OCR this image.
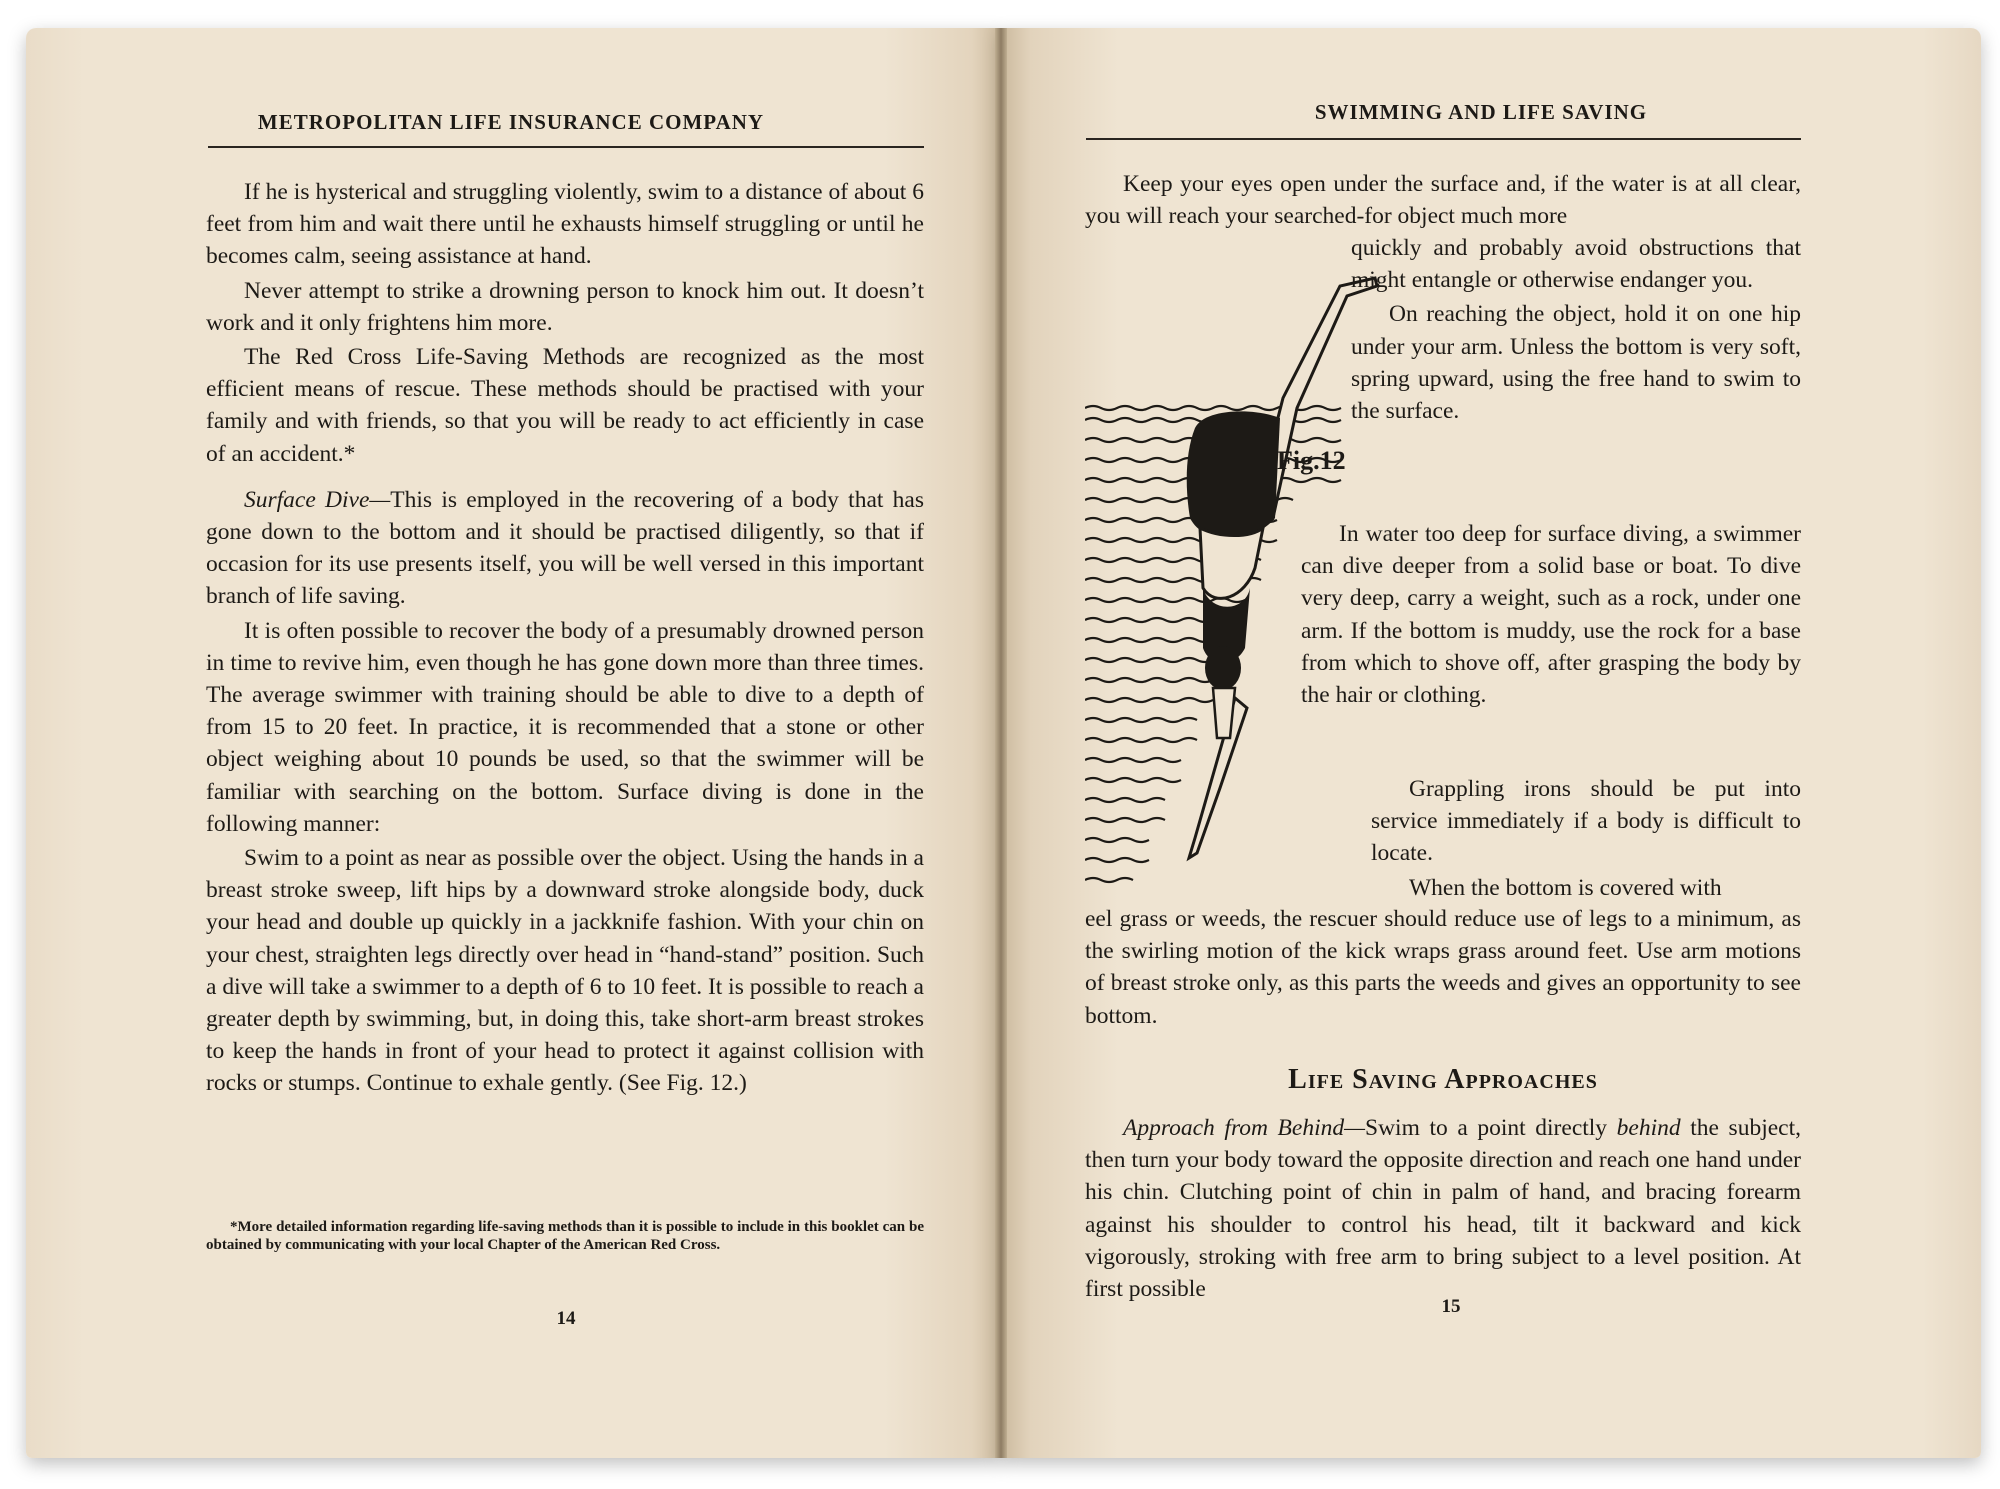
METROPOLITAN LIFE INSURANCE COMPANY

If he is hysterical and struggling violently, swim to a distance of about 6 feet from him and wait there until he exhausts himself struggling or until he becomes calm, seeing assistance at hand.

Never attempt to strike a drowning person to knock him out. It doesn’t work and it only frightens him more.

The Red Cross Life-Saving Methods are recognized as the most efficient means of rescue. These methods should be practised with your family and with friends, so that you will be ready to act efficiently in case of an accident.*

Surface Dive—This is employed in the recovering of a body that has gone down to the bottom and it should be practised diligently, so that if occasion for its use presents itself, you will be well versed in this important branch of life saving.

It is often possible to recover the body of a presumably drowned person in time to revive him, even though he has gone down more than three times. The average swimmer with training should be able to dive to a depth of from 15 to 20 feet. In practice, it is recommended that a stone or other object weighing about 10 pounds be used, so that the swimmer will be familiar with searching on the bottom. Surface diving is done in the following manner:

Swim to a point as near as possible over the object. Using the hands in a breast stroke sweep, lift hips by a downward stroke alongside body, duck your head and double up quickly in a jackknife fashion. With your chin on your chest, straighten legs directly over head in “hand-stand” position. Such a dive will take a swimmer to a depth of 6 to 10 feet. It is possible to reach a greater depth by swimming, but, in doing this, take short-arm breast strokes to keep the hands in front of your head to protect it against collision with rocks or stumps. Continue to exhale gently. (See Fig. 12.)

*More detailed information regarding life-saving methods than it is possible to include in this booklet can be obtained by communicating with your local Chapter of the American Red Cross.

14
SWIMMING AND LIFE SAVING

Keep your eyes open under the surface and, if the water is at all clear, you will reach your searched-for object much more

Fig.12

quickly and probably avoid obstructions that might entangle or otherwise endanger you.

On reaching the object, hold it on one hip under your arm. Unless the bottom is very soft, spring upward, using the free hand to swim to the surface.

In water too deep for surface diving, a swimmer can dive deeper from a solid base or boat. To dive very deep, carry a weight, such as a rock, under one arm. If the bottom is muddy, use the rock for a base from which to shove off, after grasping the body by the hair or clothing.

Grappling irons should be put into service immediately if a body is difficult to locate.

When the bottom is covered with

eel grass or weeds, the rescuer should reduce use of legs to a minimum, as the swirling motion of the kick wraps grass around feet. Use arm motions of breast stroke only, as this parts the weeds and gives an opportunity to see bottom.

Life Saving Approaches

Approach from Behind—Swim to a point directly behind the subject, then turn your body toward the opposite direction and reach one hand under his chin. Clutching point of chin in palm of hand, and bracing forearm against his shoulder to control his head, tilt it backward and kick vigorously, stroking with free arm to bring subject to a level position. At first possible

15
